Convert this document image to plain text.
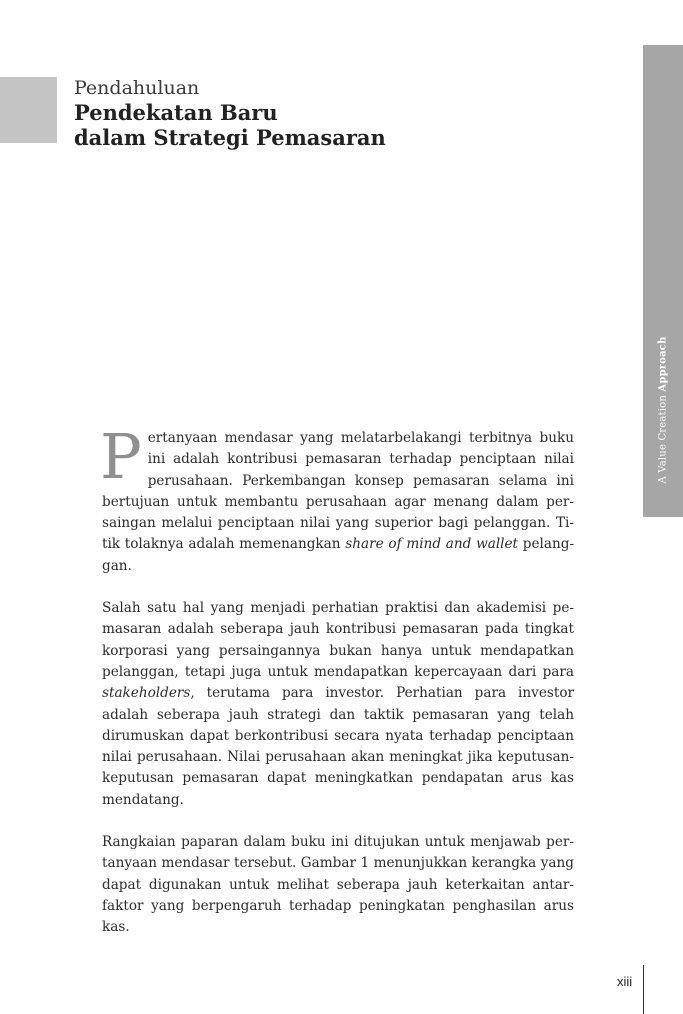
Pendahuluan

Pendekatan Baru
dalam Strategi Pemasaran

A Value Creation Approach

Pertanyaan mendasar yang melatarbelakangi terbitnya buku ini adalah kontribusi pemasaran terhadap penciptaan nilai perusahaan. Perkembangan konsep pemasaran selama ini bertujuan untuk membantu perusahaan agar menang dalam persaingan melalui penciptaan nilai yang superior bagi pelanggan. Titik tolaknya adalah memenangkan share of mind and wallet pelanggan.

Salah satu hal yang menjadi perhatian praktisi dan akademisi pemasaran adalah seberapa jauh kontribusi pemasaran pada tingkat korporasi yang persaingannya bukan hanya untuk mendapatkan pelanggan, tetapi juga untuk mendapatkan kepercayaan dari para stakeholders, terutama para investor. Perhatian para investor adalah seberapa jauh strategi dan taktik pemasaran yang telah dirumuskan dapat berkontribusi secara nyata terhadap penciptaan nilai perusahaan. Nilai perusahaan akan meningkat jika keputusan-keputusan pemasaran dapat meningkatkan pendapatan arus kas mendatang.

Rangkaian paparan dalam buku ini ditujukan untuk menjawab pertanyaan mendasar tersebut. Gambar 1 menunjukkan kerangka yang dapat digunakan untuk melihat seberapa jauh keterkaitan antarfaktor yang berpengaruh terhadap peningkatan penghasilan arus kas.

xiii
